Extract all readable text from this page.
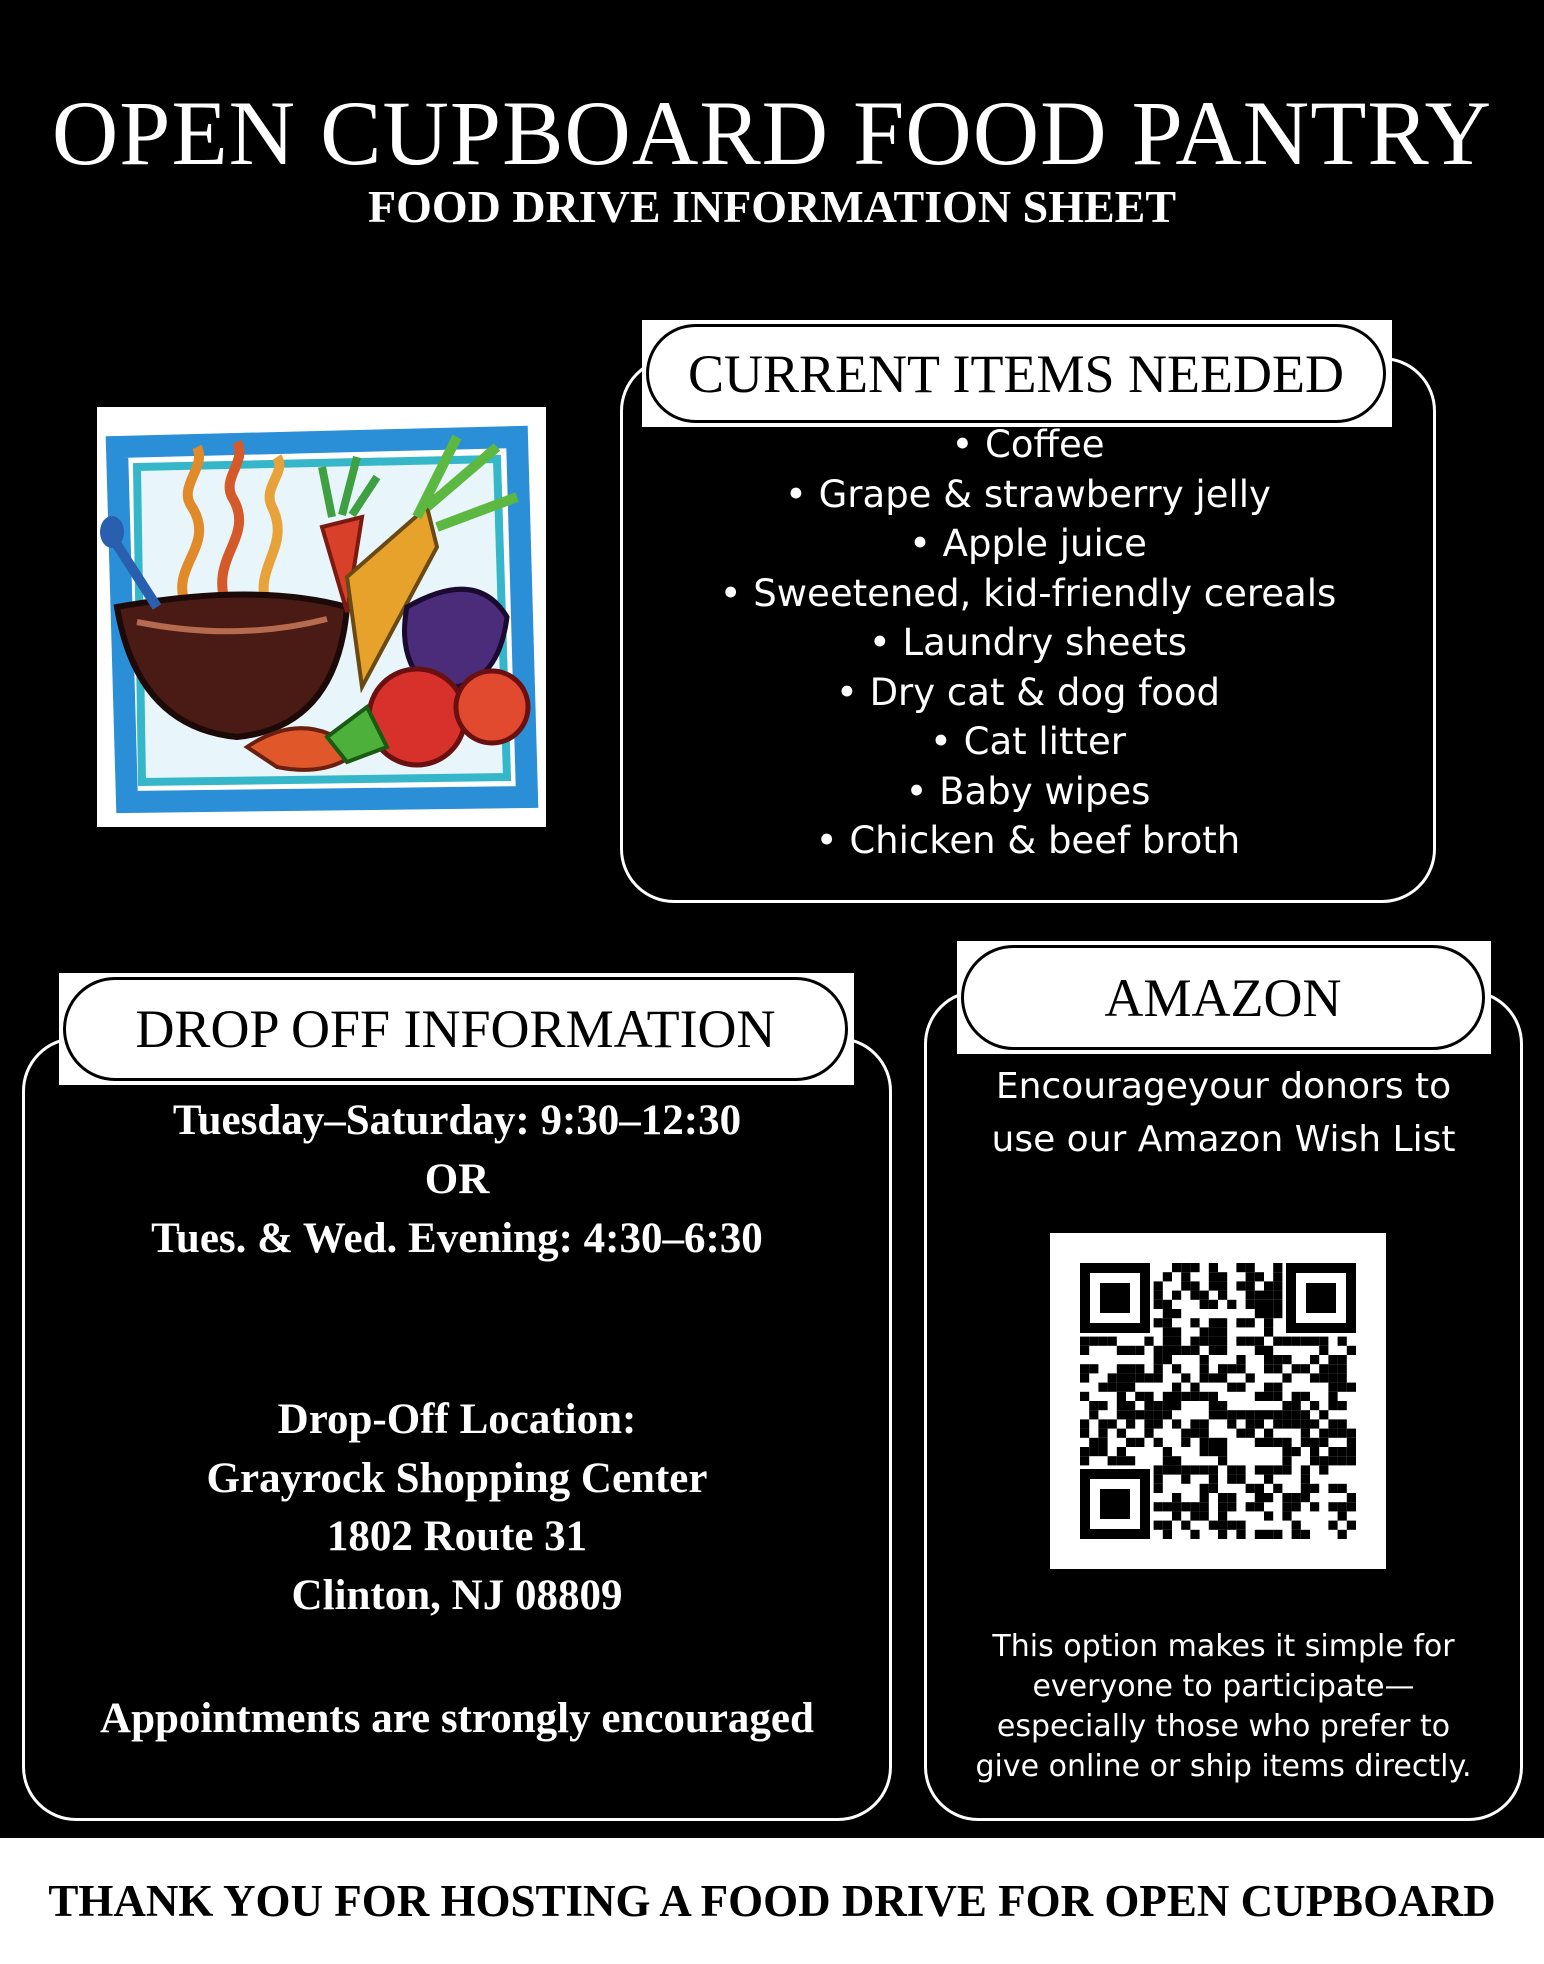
OPEN CUPBOARD FOOD PANTRY
FOOD DRIVE INFORMATION SHEET
CURRENT ITEMS NEEDED
• Coffee
• Grape & strawberry jelly
• Apple juice
• Sweetened, kid-friendly cereals
• Laundry sheets
• Dry cat & dog food
• Cat litter
• Baby wipes
• Chicken & beef broth
DROP OFF INFORMATION
Tuesday–Saturday: 9:30–12:30
OR
Tues. & Wed. Evening: 4:30–6:30
Drop-Off Location:
Grayrock Shopping Center
1802 Route 31
Clinton, NJ 08809
Appointments are strongly encouraged
AMAZON
Encourageyour donors to
use our Amazon Wish List
This option makes it simple for
everyone to participate—
especially those who prefer to
give online or ship items directly.
THANK YOU FOR HOSTING A FOOD DRIVE FOR OPEN CUPBOARD
